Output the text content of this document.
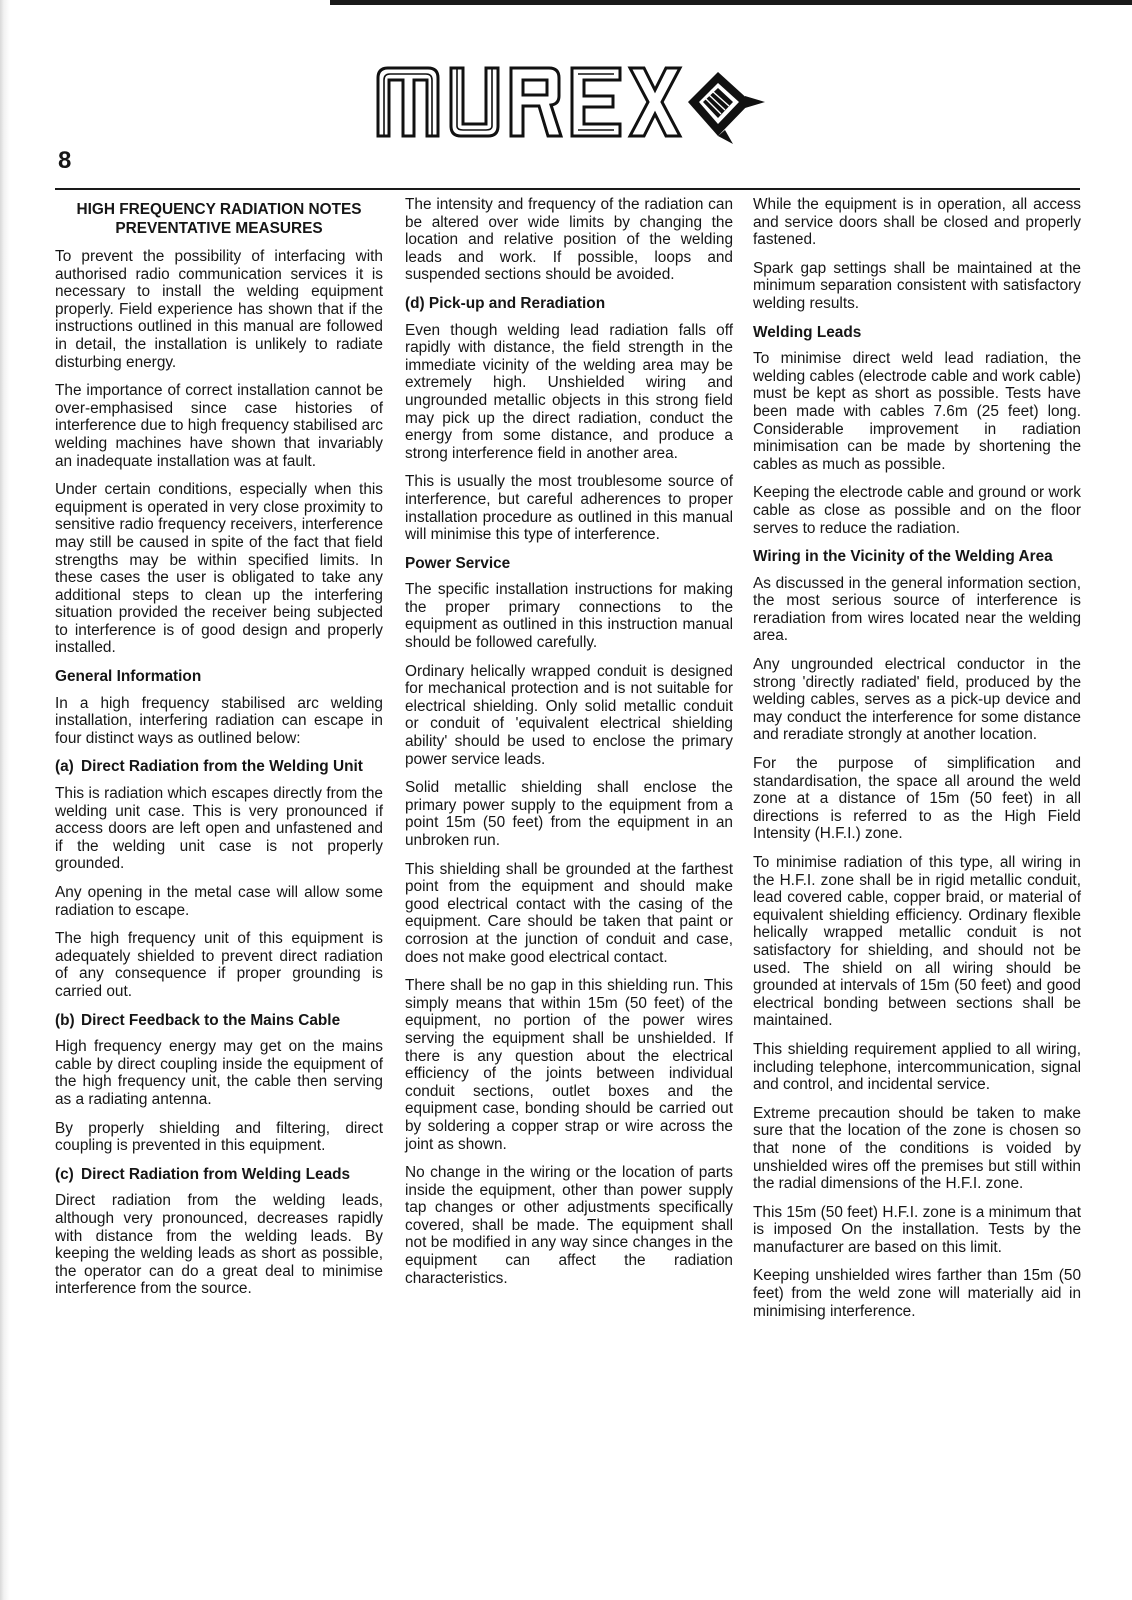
8
HIGH FREQUENCY RADIATION NOTES
PREVENTATIVE MEASURES

To prevent the possibility of interfacing with authorised radio communication services it is necessary to install the welding equipment properly. Field experience has shown that if the instructions outlined in this manual are followed in detail, the installation is unlikely to radiate disturbing energy.

The importance of correct installation cannot be over-emphasised since case histories of interference due to high frequency stabilised arc welding machines have shown that invariably an inadequate installation was at fault.

Under certain conditions, especially when this equipment is operated in very close proximity to sensitive radio frequency receivers, interference may still be caused in spite of the fact that field strengths may be within specified limits. In these cases the user is obligated to take any additional steps to clean up the interfering situation provided the receiver being subjected to interference is of good design and properly installed.

General Information

In a high frequency stabilised arc welding installation, interfering radiation can escape in four distinct ways as outlined below:

(a) Direct Radiation from the Welding Unit

This is radiation which escapes directly from the welding unit case. This is very pronounced if access doors are left open and unfastened and if the welding unit case is not properly grounded.

Any opening in the metal case will allow some radiation to escape.

The high frequency unit of this equipment is adequately shielded to prevent direct radiation of any consequence if proper grounding is carried out.

(b) Direct Feedback to the Mains Cable

High frequency energy may get on the mains cable by direct coupling inside the equipment of the high frequency unit, the cable then serving as a radiating antenna.

By properly shielding and filtering, direct coupling is prevented in this equipment.

(c) Direct Radiation from Welding Leads

Direct radiation from the welding leads, although very pronounced, decreases rapidly with distance from the welding leads. By keeping the welding leads as short as possible, the operator can do a great deal to minimise interference from the source.

The intensity and frequency of the radiation can be altered over wide limits by changing the location and relative position of the welding leads and work. If possible, loops and suspended sections should be avoided.

(d) Pick-up and Reradiation

Even though welding lead radiation falls off rapidly with distance, the field strength in the immediate vicinity of the welding area may be extremely high. Unshielded wiring and ungrounded metallic objects in this strong field may pick up the direct radiation, conduct the energy from some distance, and produce a strong interference field in another area.

This is usually the most troublesome source of interference, but careful adherences to proper installation procedure as outlined in this manual will minimise this type of interference.

Power Service

The specific installation instructions for making the proper primary connections to the equipment as outlined in this instruction manual should be followed carefully.

Ordinary helically wrapped conduit is designed for mechanical protection and is not suitable for electrical shielding. Only solid metallic conduit or conduit of 'equivalent electrical shielding ability' should be used to enclose the primary power service leads.

Solid metallic shielding shall enclose the primary power supply to the equipment from a point 15m (50 feet) from the equipment in an unbroken run.

This shielding shall be grounded at the farthest point from the equipment and should make good electrical contact with the casing of the equipment. Care should be taken that paint or corrosion at the junction of conduit and case, does not make good electrical contact.

There shall be no gap in this shielding run. This simply means that within 15m (50 feet) of the equipment, no portion of the power wires serving the equipment shall be unshielded. If there is any question about the electrical efficiency of the joints between individual conduit sections, outlet boxes and the equipment case, bonding should be carried out by soldering a copper strap or wire across the joint as shown.

No change in the wiring or the location of parts inside the equipment, other than power supply tap changes or other adjustments specifically covered, shall be made. The equipment shall not be modified in any way since changes in the equipment can affect the radiation characteristics.

While the equipment is in operation, all access and service doors shall be closed and properly fastened.

Spark gap settings shall be maintained at the minimum separation consistent with satisfactory welding results.

Welding Leads

To minimise direct weld lead radiation, the welding cables (electrode cable and work cable) must be kept as short as possible. Tests have been made with cables 7.6m (25 feet) long. Considerable improvement in radiation minimisation can be made by shortening the cables as much as possible.

Keeping the electrode cable and ground or work cable as close as possible and on the floor serves to reduce the radiation.

Wiring in the Vicinity of the Welding Area

As discussed in the general information section, the most serious source of interference is reradiation from wires located near the welding area.

Any ungrounded electrical conductor in the strong 'directly radiated' field, produced by the welding cables, serves as a pick-up device and may conduct the interference for some distance and reradiate strongly at another location.

For the purpose of simplification and standardisation, the space all around the weld zone at a distance of 15m (50 feet) in all directions is referred to as the High Field Intensity (H.F.I.) zone.

To minimise radiation of this type, all wiring in the H.F.I. zone shall be in rigid metallic conduit, lead covered cable, copper braid, or material of equivalent shielding efficiency. Ordinary flexible helically wrapped metallic conduit is not satisfactory for shielding, and should not be used. The shield on all wiring should be grounded at intervals of 15m (50 feet) and good electrical bonding between sections shall be maintained.

This shielding requirement applied to all wiring, including telephone, intercommunication, signal and control, and incidental service.

Extreme precaution should be taken to make sure that the location of the zone is chosen so that none of the conditions is voided by unshielded wires off the premises but still within the radial dimensions of the H.F.I. zone.

This 15m (50 feet) H.F.I. zone is a minimum that is imposed On the installation. Tests by the manufacturer are based on this limit.

Keeping unshielded wires farther than 15m (50 feet) from the weld zone will materially aid in minimising interference.
